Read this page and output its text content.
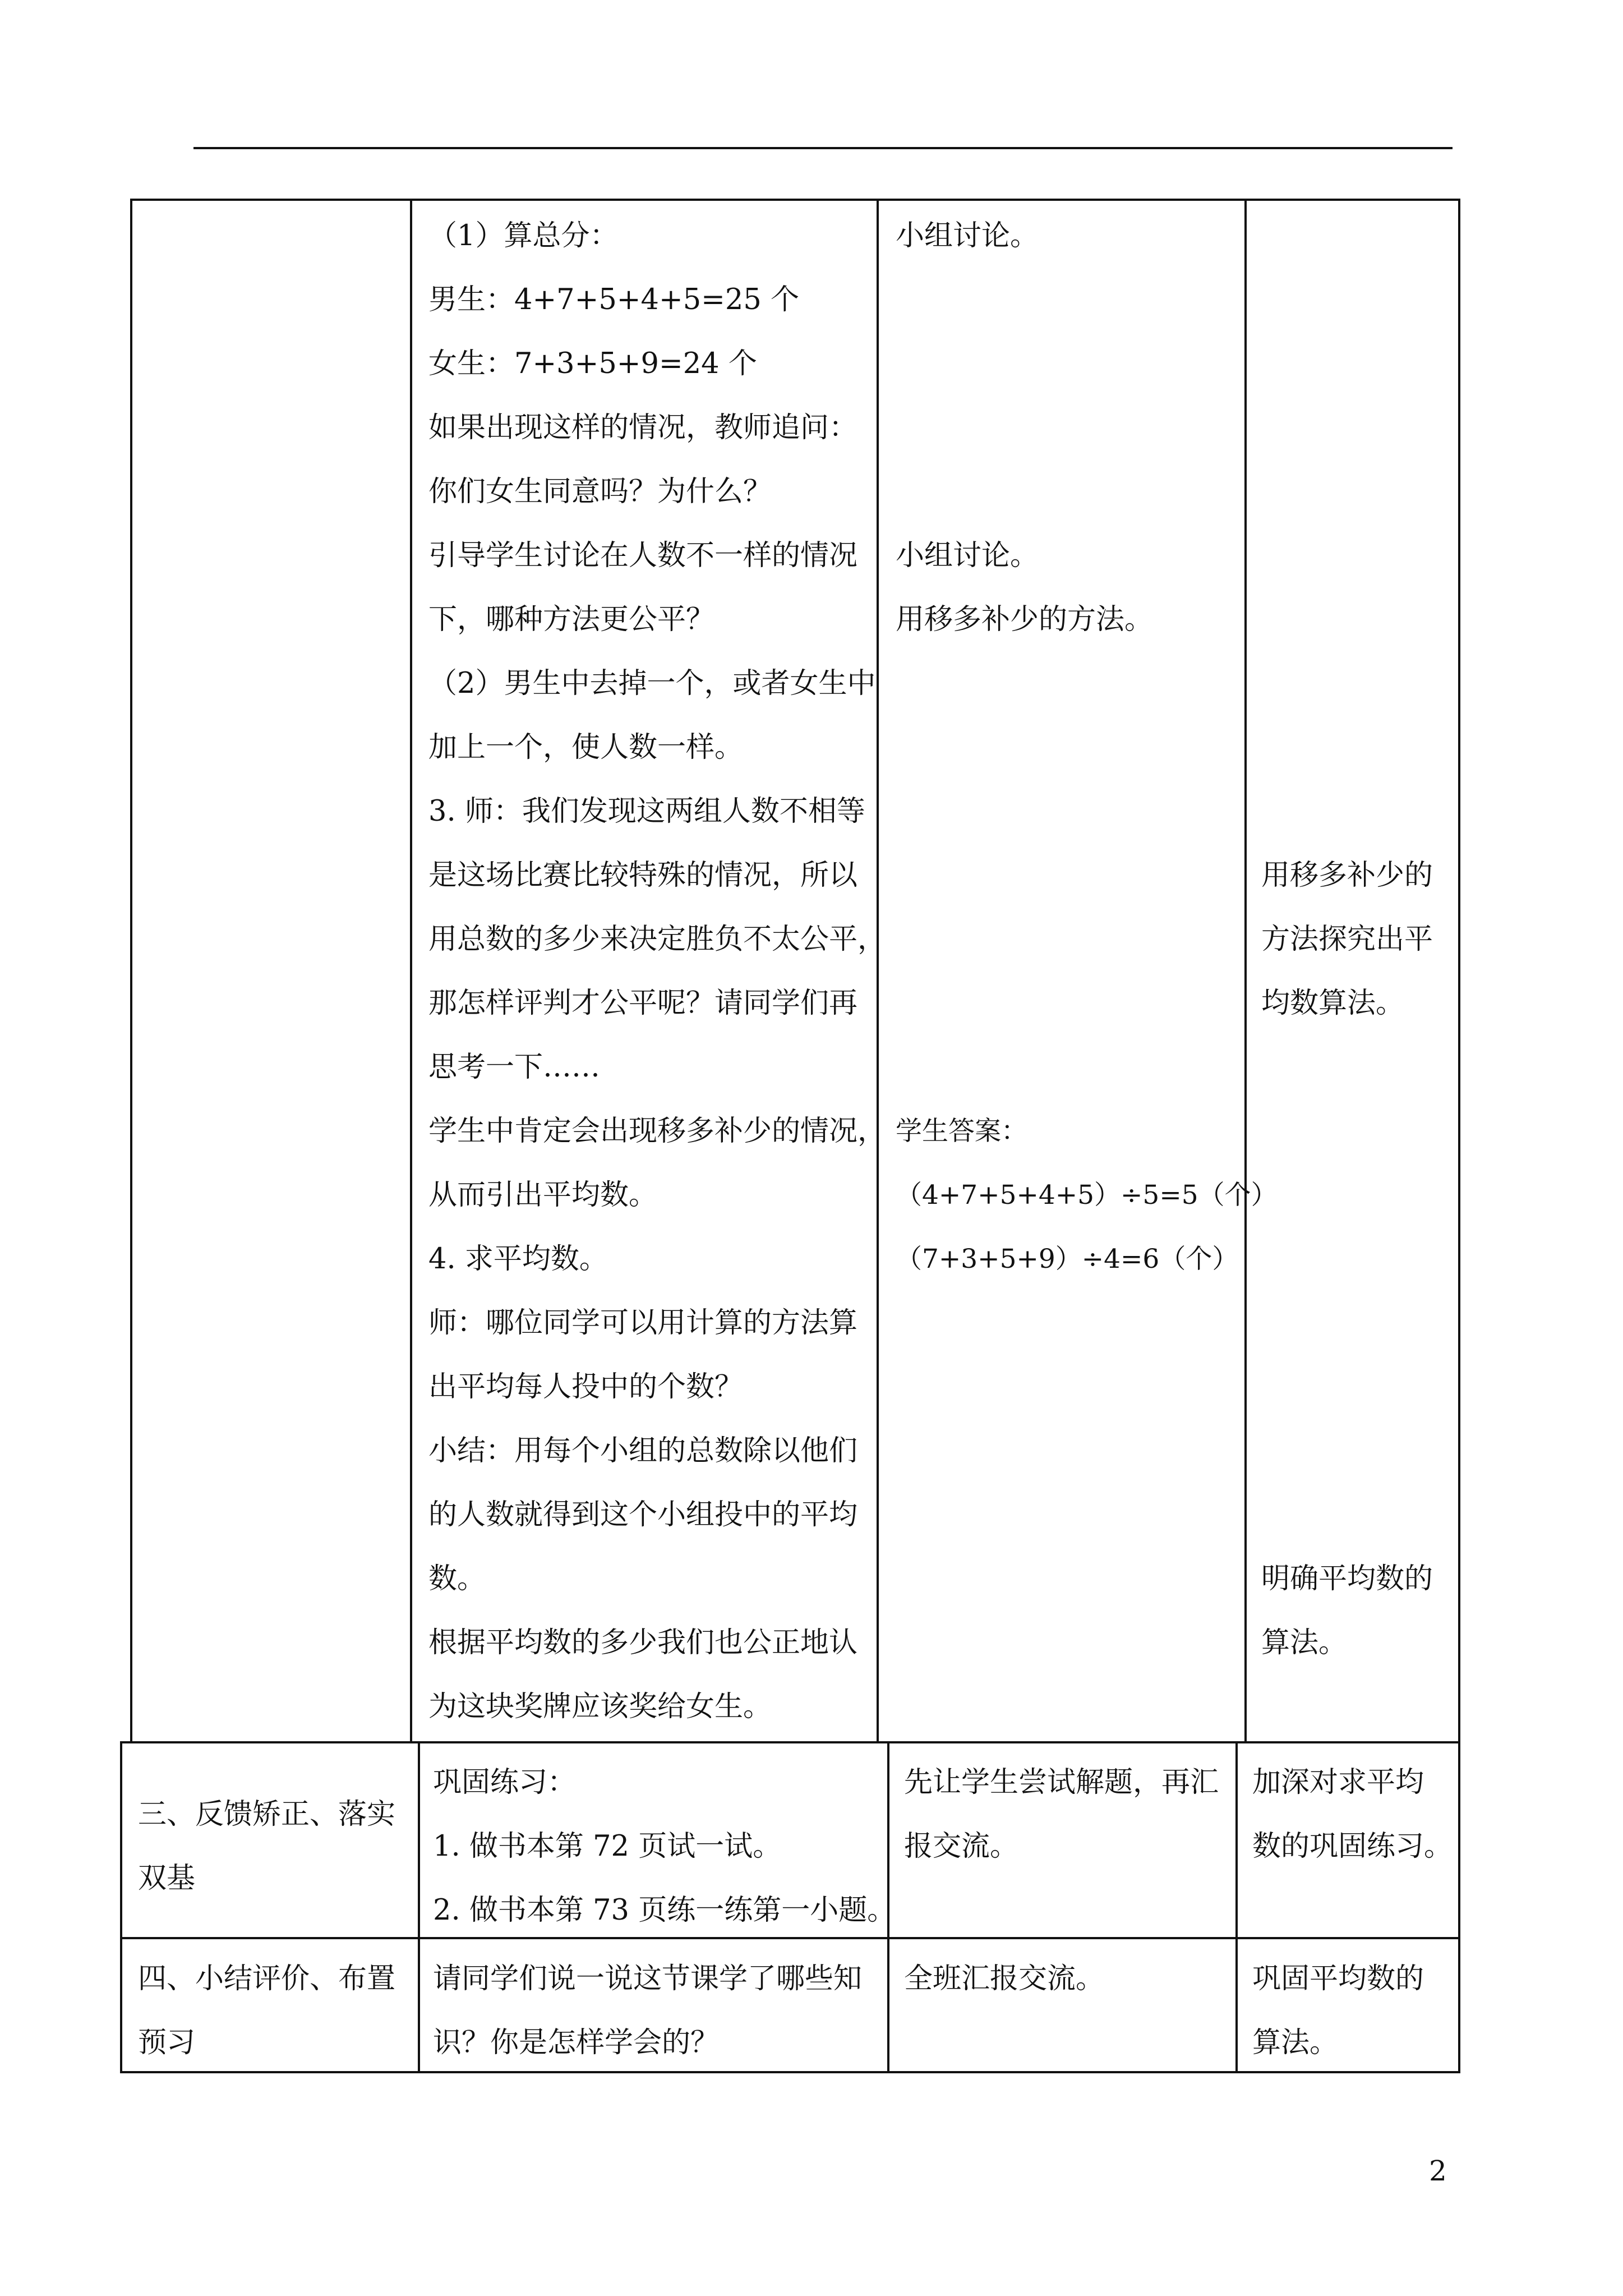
（1）算总分：
男生：4+7+5+4+5=25 个
女生：7+3+5+9=24 个
如果出现这样的情况，教师追问：
你们女生同意吗？为什么？
引导学生讨论在人数不一样的情况
下，哪种方法更公平？
（2）男生中去掉一个，或者女生中
加上一个，使人数一样。
3. 师：我们发现这两组人数不相等
是这场比赛比较特殊的情况，所以
用总数的多少来决定胜负不太公平，
那怎样评判才公平呢？请同学们再
思考一下……
学生中肯定会出现移多补少的情况，
从而引出平均数。
4. 求平均数。
师：哪位同学可以用计算的方法算
出平均每人投中的个数？
小结：用每个小组的总数除以他们
的人数就得到这个小组投中的平均
数。
根据平均数的多少我们也公正地认
为这块奖牌应该奖给女生。
小组讨论。
小组讨论。
用移多补少的方法。
学生答案：
（4+7+5+4+5）÷5=5（个）
（7+3+5+9）÷4=6（个）
用移多补少的
方法探究出平
均数算法。
明确平均数的
算法。
三、反馈矫正、落实
双基
巩固练习：
1. 做书本第 72 页试一试。
2. 做书本第 73 页练一练第一小题。
先让学生尝试解题，再汇
报交流。
加深对求平均
数的巩固练习。
四、小结评价、布置
预习
请同学们说一说这节课学了哪些知
识？你是怎样学会的？
全班汇报交流。	巩固平均数的
算法。
2
